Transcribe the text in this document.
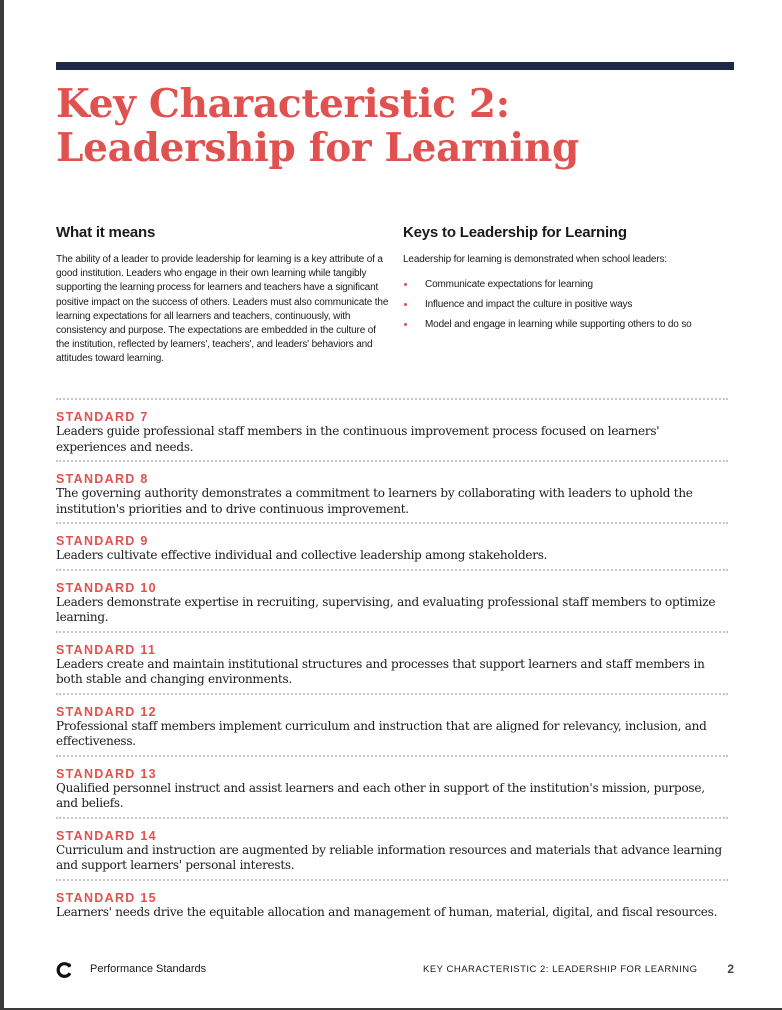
Key Characteristic 2:
Leadership for Learning
What it means

The ability of a leader to provide leadership for learning is a key attribute of a good institution. Leaders who engage in their own learning while tangibly supporting the learning process for learners and teachers have a significant positive impact on the success of others. Leaders must also communicate the learning expectations for all learners and teachers, continuously, with consistency and purpose. The expectations are embedded in the culture of the institution, reflected by learners', teachers', and leaders' behaviors and attitudes toward learning.

Keys to Leadership for Learning

Leadership for learning is demonstrated when school leaders:

Communicate expectations for learning
Influence and impact the culture in positive ways
Model and engage in learning while supporting others to do so
STANDARD 7
Leaders guide professional staff members in the continuous improvement process focused on learners' experiences and needs.
STANDARD 8
The governing authority demonstrates a commitment to learners by collaborating with leaders to uphold the institution's priorities and to drive continuous improvement.
STANDARD 9
Leaders cultivate effective individual and collective leadership among stakeholders.
STANDARD 10
Leaders demonstrate expertise in recruiting, supervising, and evaluating professional staff members to optimize learning.
STANDARD 11
Leaders create and maintain institutional structures and processes that support learners and staff members in both stable and changing environments.
STANDARD 12
Professional staff members implement curriculum and instruction that are aligned for relevancy, inclusion, and effectiveness.
STANDARD 13
Qualified personnel instruct and assist learners and each other in support of the institution's mission, purpose, and beliefs.
STANDARD 14
Curriculum and instruction are augmented by reliable information resources and materials that advance learning and support learners' personal interests.
STANDARD 15
Learners' needs drive the equitable allocation and management of human, material, digital, and fiscal resources.
Performance Standards	KEY CHARACTERISTIC 2: LEADERSHIP FOR LEARNING 2
